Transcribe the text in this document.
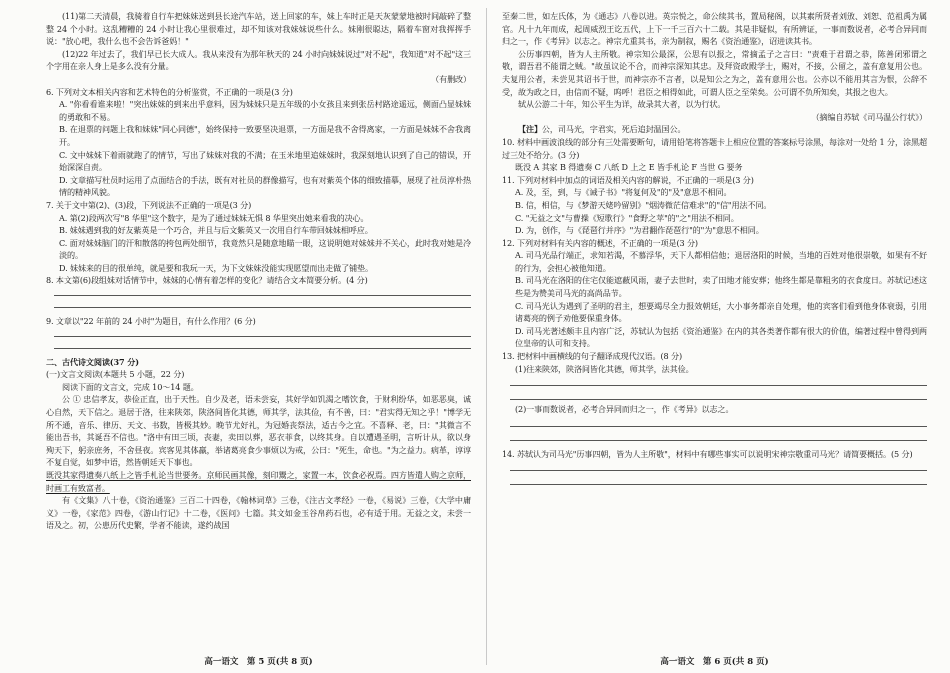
(11)第二天清晨，我骑着自行车把妹妹送到县长途汽车站，送上回家的车，妹上车时正是天灰蒙蒙地被时间敲碎了整整 24 个小时。这乱糟糟的 24 小时让我心里很难过，却不知该对我妹妹说些什么。妹刚很聪达，隔着车窗对我挥挥手说："放心吧，我什么也不会告诉爸妈！"

(12)22 年过去了，我们早已长大成人。我从来没有为那年秋天的 24 小时向妹妹说过"对不起"，我知道"对不起"这三个字用在亲人身上是多么没有分量。

（有删改）

6. 下列对文本相关内容和艺术特色的分析鉴赏，不正确的一项是(3 分)

A. "你看看谁来啦！"突出妹妹的到来出乎意料，因为妹妹只是五年级的小女孩且来到张岳村路途遥远，侧面凸显妹妹的勇敢和不易。

B. 在退票的问题上我和妹妹"同心同德"，始终保持一致要坚决退票，一方面是我不舍得离家，一方面是妹妹不舍我离开。

C. 文中妹妹下着雨就跑了的情节，写出了妹妹对我的不满；在玉米地里追妹妹时，我深刻地认识到了自己的错误，开始深深自责。

D. 文章描写杜员时运用了点面结合的手法，既有对社员的群像描写，也有对紫英个体的细致描摹，展现了社员淳朴热情的精神风貌。

7. 关于文中第(2)、(3)段，下列说法不正确的一项是(3 分)

A. 第(2)段两次写"8 华里"这个数字，是为了通过妹妹无惧 8 华里突出她来看我的决心。

B. 妹妹遇到我的好友紫英是一个巧合，并且与后文紫英又一次用自行车带回妹妹相呼应。

C. 面对妹妹脑门的汗和散落的挎包两处细节，我竟然只是随意地瞄一眼，这说明她对妹妹并不关心，此时我对她是冷淡的。

D. 妹妹来的目的很单纯，就是要和我玩一天，为下文妹妹没能实现愿望而出走做了铺垫。

8. 本文第(6)段组妹对话情节中，妹妹的心情有着怎样的变化？请结合文本简要分析。(4 分)

9. 文章以"22 年前的 24 小时"为题目，有什么作用？(6 分)

二、古代诗文阅读(37 分)

(一)文言文阅读(本题共 5 小题，22 分)

阅读下面的文言文，完成 10～14 题。

公 ① 忠信孝友，恭俭正直，出于天性。自少及老，语未尝妄，其好学如饥渴之嗜饮食，于财利纷华，如恶恶臭，诚心自然，天下信之。退居于洛，往来陕郊，陕洛间皆化其德，师其学，法其俭，有不善，曰："君实得无知之乎！"博学无所不通，音乐、律历、天文、书数，皆极其妙。晚节尤好礼，为冠婚丧祭法，适古今之宜。不喜释、老，曰："其微言不能出吾书，其诞吾不信也。"洛中有田三顷，丧妻，卖田以葬，恶衣菲食，以终其身。自以遭遇圣明，言听计从，欲以身殉天下，躬亲庶务，不舍昼夜。宾客见其体羸，举诸葛亮食少事烦以为戒，公曰："死生，命也。"为之益力。病革，谆谆不复自觉，如梦中语，然皆朝廷天下事也。

既没其家得遗奏八纸上之皆手札论当世要务。京师民画其像，刻印鬻之，家置一本，饮食必祝焉。四方皆遣人购之京师，时画工有致富者。

有《文集》八十卷，《资治通鉴》三百二十四卷，《翰林词草》三卷，《注古文孝经》一卷，《易说》三卷，《大学中庸义》一卷，《家范》四卷，《游山行记》十二卷，《医问》七篇。其文如金玉谷帛药石也，必有适于用。无益之文，未尝一语及之。初，公患历代史繁，学者不能读，遂约战国

至秦二世，如左氏体，为《通志》八卷以进。英宗悦之，命公续其书，置局秘阁，以其素所贤者刘攽、刘恕、范祖禹为属官。凡十九年而成，起周威烈王讫五代，上下一千三百六十二载。其是非疑似，有所辨证，一事而数说者，必考合异同而归之一，作《考异》以志之。神宗尤重其书，亲为制叙，赐名《资治通鉴》，诏进读其书。

公历事四朝，皆为人主所敬。神宗知公最深，公思有以报之，常摘孟子之言曰："责难于君谓之恭，陈善闭邪谓之敬，谓吾君不能谓之贼。"故虽议论不合，而神宗深知其忠。及拜资政殿学士，赐对，不接，公留之，盖有意复用公也。夫复用公者，未尝见其诏书于世，而神宗亦不言者，以是知公之为之，盖有意用公也。公亦以不能用其言为恨，公辞不受，故为政之日，由信而不疑，呜呼！君臣之相得如此，可谓人臣之至荣矣。公可谓不负所知矣，其报之也大。

轼从公游二十年，知公平生为详，故录其大者，以为行状。

（摘编自苏轼《司马温公行状》）

【注】公，司马光，字君实，死后追封温国公。

10. 材料中画波浪线的部分有三处需要断句，请用铅笔将答题卡上相应位置的答案标号涂黑，每涂对一处给 1 分，涂黑超过三处不给分。(3 分)

既没 A 其家 B 得遗奏 C 八纸 D 上之 E 皆手札论 F 当世 G 要务

11. 下列对材料中加点的词语及相关内容的解说，不正确的一项是(3 分)

A. 及，至，到，与《诫子书》"将复何及"的"及"意思不相同。

B. 信，相信，与《梦游天姥吟留别》"烟涛微茫信难求"的"信"用法不同。

C. "无益之文"与曹操《短歌行》"食野之苹"的"之"用法不相同。

D. 为，创作，与《琵琶行并序》"为君翻作琵琶行"的"为"意思不相同。

12. 下列对材料有关内容的概述，不正确的一项是(3 分)

A. 司马光品行端正，求知若渴，不慕浮华，天下人都相信他；退居洛阳的时候，当地的百姓对他很崇敬，如果有不好的行为，会担心被他知道。

B. 司马光在洛阳的住宅仅能遮蔽风雨，妻子去世时，卖了田地才能安葬；他终生都是靠粗劣的衣食度日。苏轼记述这些是为赞美司马光的高尚品节。

C. 司马光认为遇到了圣明的君主，想要竭尽全力报效朝廷，大小事务都亲自处理，他的宾客们看到他身体衰弱，引用诸葛亮的例子劝他要保重身体。

D. 司马光著述颇丰且内容广泛，苏轼认为包括《资治通鉴》在内的其各类著作都有很大的价值，编著过程中曾得到两位皇帝的认可和支持。

13. 把材料中画横线的句子翻译成现代汉语。(8 分)

(1)往来陕郊，陕洛间皆化其德，师其学，法其俭。

(2)一事而数说者，必考合异同而归之一，作《考异》以志之。

14. 苏轼认为司马光"历事四朝，皆为人主所敬"，材料中有哪些事实可以说明宋神宗敬重司马光？请简要概括。(5 分)

高一语文　第 5 页(共 8 页)	高一语文　第 6 页(共 8 页)
